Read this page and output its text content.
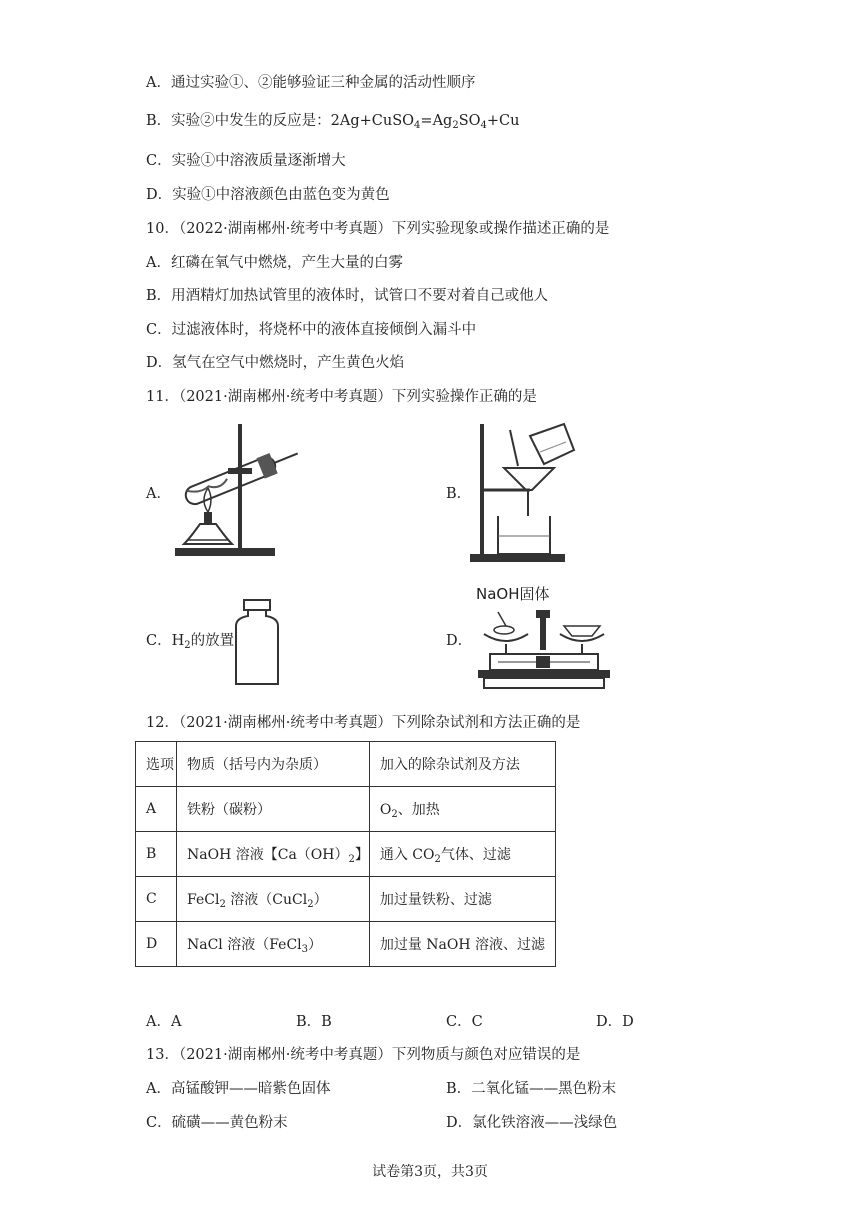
A．通过实验①、②能够验证三种金属的活动性顺序
B．实验②中发生的反应是：$2Ag+CuSO_4=Ag_2SO_4+Cu$
C．实验①中溶液质量逐渐增大
D．实验①中溶液颜色由蓝色变为黄色
10．（2022·湖南郴州·统考中考真题）下列实验现象或操作描述正确的是
A．红磷在氧气中燃烧，产生大量的白雾
B．用酒精灯加热试管里的液体时，试管口不要对着自己或他人
C．过滤液体时，将烧杯中的液体直接倾倒入漏斗中
D．氢气在空气中燃烧时，产生黄色火焰
11．（2021·湖南郴州·统考中考真题）下列实验操作正确的是
A．	B．
C．$H_2$的放置	D．
NaOH固体
12．（2021·湖南郴州·统考中考真题）下列除杂试剂和方法正确的是
选项	物质（括号内为杂质）	加入的除杂试剂及方法
A	铁粉（碳粉）	$O_2$、加热
B	NaOH 溶液【$Ca(OH)_2$】	通入 $CO_2$气体、过滤
C	FeCl$_2$ 溶液（CuCl$_2$）	加过量铁粉、过滤
D	NaCl 溶液（FeCl$_3$）	加过量 NaOH 溶液、过滤
A．A	B．B	C．C	D．D
13．（2021·湖南郴州·统考中考真题）下列物质与颜色对应错误的是
A．高锰酸钾——暗紫色固体	B．二氧化锰——黑色粉末
C．硫磺——黄色粉末	D．氯化铁溶液——浅绿色
试卷第3页，共3页
